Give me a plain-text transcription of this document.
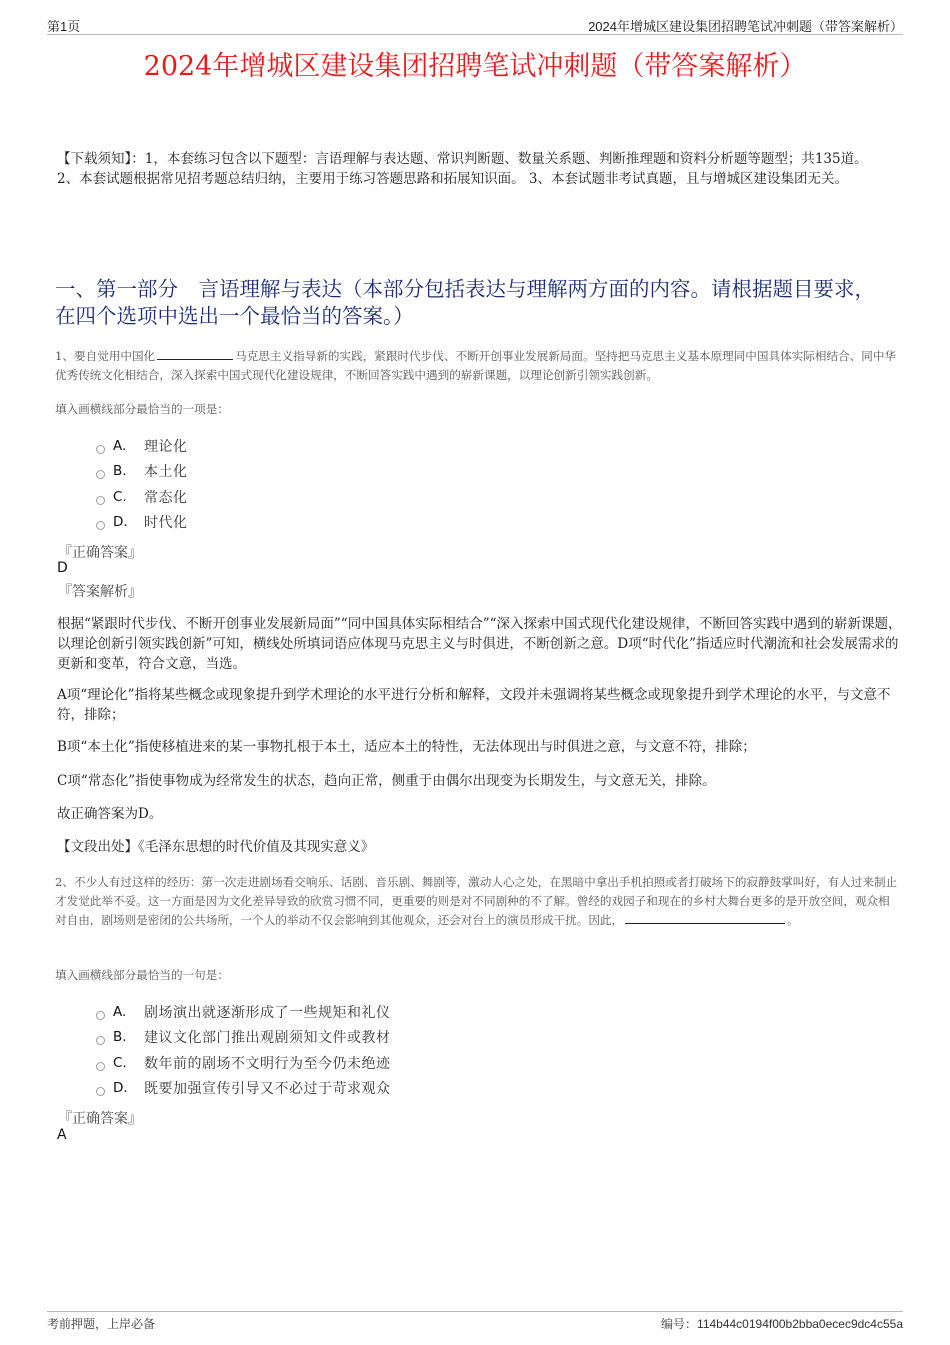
第1页	2024年增城区建设集团招聘笔试冲刺题（带答案解析）
2024年增城区建设集团招聘笔试冲刺题（带答案解析）
【下载须知】：1，本套练习包含以下题型：言语理解与表达题、常识判断题、数量关系题、判断推理题和资料分析题等题型；共135道。 2、本套试题根据常见招考题总结归纳，主要用于练习答题思路和拓展知识面。 3、本套试题非考试真题，且与增城区建设集团无关。
一、第一部分　言语理解与表达（本部分包括表达与理解两方面的内容。请根据题目要求，在四个选项中选出一个最恰当的答案。）
1、要自觉用中国化	马克思主义指导新的实践，紧跟时代步伐、不断开创事业发展新局面。坚持把马克思主义基本原理同中国具体实际相结合、同中华优秀传统文化相结合，深入探索中国式现代化建设规律，不断回答实践中遇到的崭新课题，以理论创新引领实践创新。
填入画横线部分最恰当的一项是：
A.	理论化
B.	本土化
C.	常态化
D.	时代化
『正确答案』
D
『答案解析』
根据“紧跟时代步伐、不断开创事业发展新局面”“同中国具体实际相结合”“深入探索中国式现代化建设规律，不断回答实践中遇到的崭新课题，以理论创新引领实践创新”可知，横线处所填词语应体现马克思主义与时俱进，不断创新之意。D项“时代化”指适应时代潮流和社会发展需求的更新和变革，符合文意，当选。
A项“理论化”指将某些概念或现象提升到学术理论的水平进行分析和解释，文段并未强调将某些概念或现象提升到学术理论的水平，与文意不符，排除；
B项“本土化”指使移植进来的某一事物扎根于本土，适应本土的特性，无法体现出与时俱进之意，与文意不符，排除；
C项“常态化”指使事物成为经常发生的状态，趋向正常，侧重于由偶尔出现变为长期发生，与文意无关，排除。
故正确答案为D。
【文段出处】《毛泽东思想的时代价值及其现实意义》
2、不少人有过这样的经历：第一次走进剧场看交响乐、话剧、音乐剧、舞剧等，激动人心之处，在黑暗中拿出手机拍照或者打破场下的寂静鼓掌叫好，有人过来制止才发觉此举不妥。这一方面是因为文化差异导致的欣赏习惯不同，更重要的则是对不同剧种的不了解。曾经的戏园子和现在的乡村大舞台更多的是开放空间，观众相对自由，剧场则是密闭的公共场所，一个人的举动不仅会影响到其他观众，还会对台上的演员形成干扰。因此，	。
填入画横线部分最恰当的一句是：
A.	剧场演出就逐渐形成了一些规矩和礼仪
B.	建议文化部门推出观剧须知文件或教材
C.	数年前的剧场不文明行为至今仍未绝迹
D.	既要加强宣传引导又不必过于苛求观众
『正确答案』
A
考前押题，上岸必备	编号：114b44c0194f00b2bba0ecec9dc4c55a
